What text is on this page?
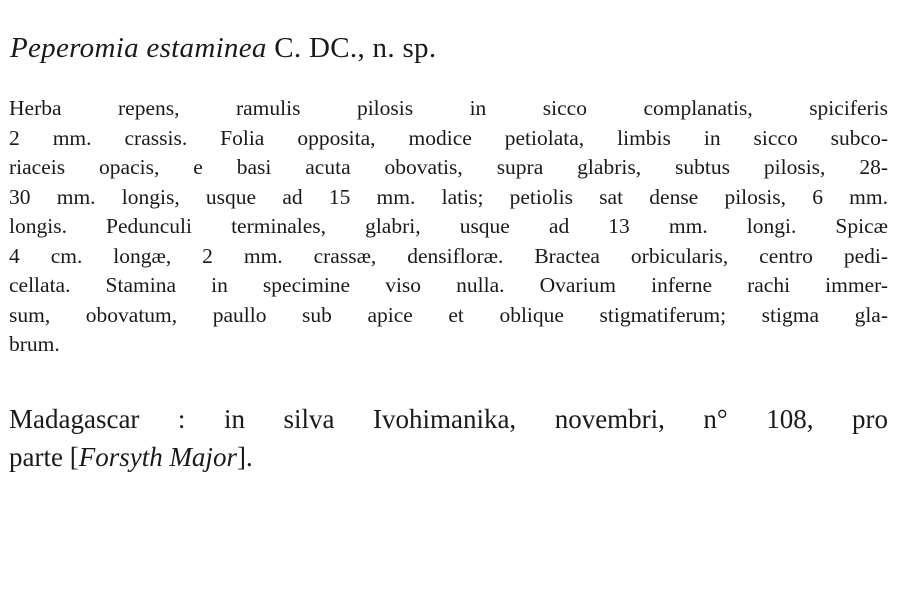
Peperomia estaminea C. DC., n. sp.
Herba repens, ramulis pilosis in sicco complanatis, spiciferis
2 mm. crassis. Folia opposita, modice petiolata, limbis in sicco subco-
riaceis opacis, e basi acuta obovatis, supra glabris, subtus pilosis, 28-
30 mm. longis, usque ad 15 mm. latis; petiolis sat dense pilosis, 6 mm.
longis. Pedunculi terminales, glabri, usque ad 13 mm. longi. Spicæ
4 cm. longæ, 2 mm. crassæ, densifloræ. Bractea orbicularis, centro pedi-
cellata. Stamina in specimine viso nulla. Ovarium inferne rachi immer-
sum, obovatum, paullo sub apice et oblique stigmatiferum; stigma gla-
brum.
Madagascar : in silva Ivohimanika, novembri, n° 108, pro
parte [Forsyth Major].
